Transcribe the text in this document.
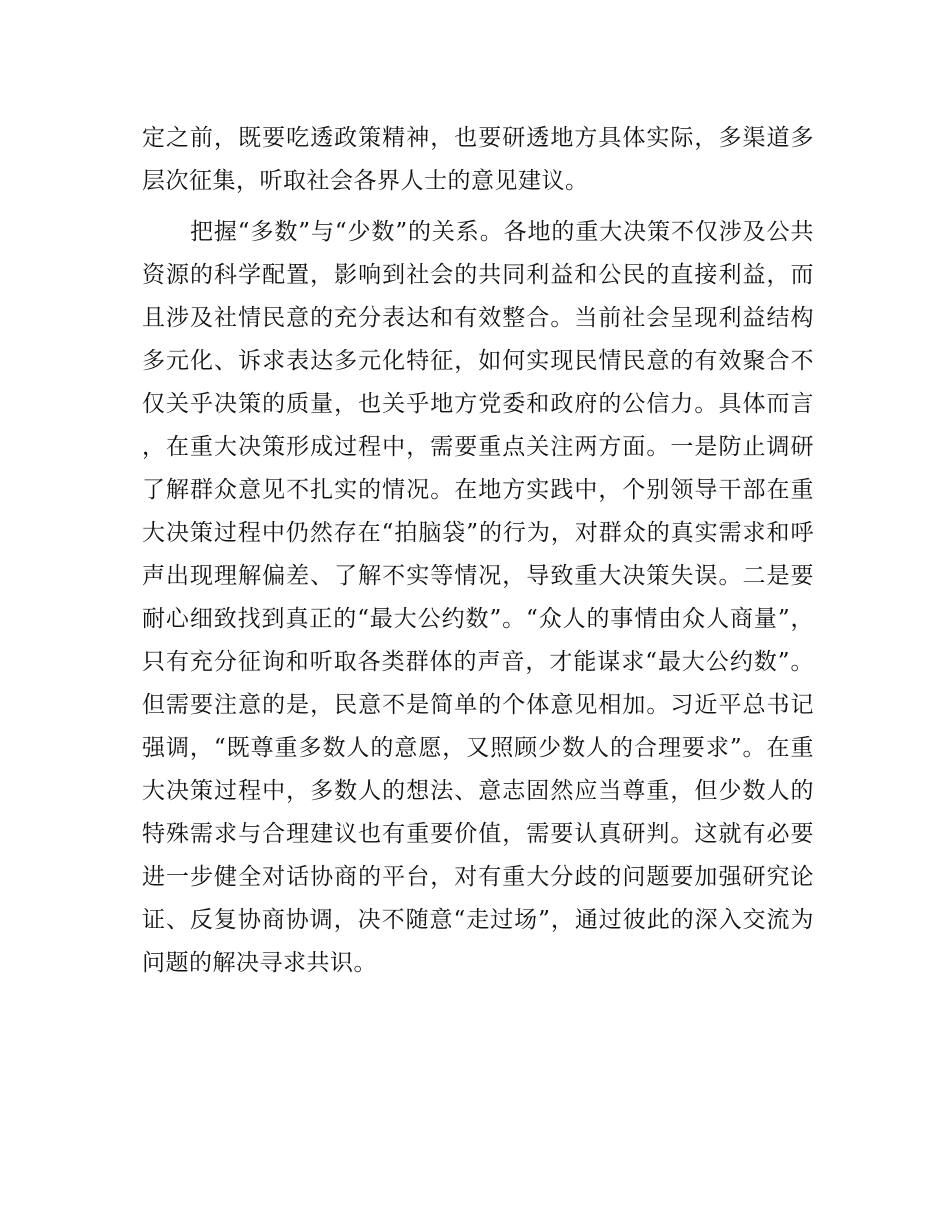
定之前，既要吃透政策精神，也要研透地方具体实际，多渠道多层次征集，听取社会各界人士的意见建议。

把握“多数”与“少数”的关系。各地的重大决策不仅涉及公共资源的科学配置，影响到社会的共同利益和公民的直接利益，而且涉及社情民意的充分表达和有效整合。当前社会呈现利益结构多元化、诉求表达多元化特征，如何实现民情民意的有效聚合不仅关乎决策的质量，也关乎地方党委和政府的公信力。具体而言，在重大决策形成过程中，需要重点关注两方面。一是防止调研了解群众意见不扎实的情况。在地方实践中，个别领导干部在重大决策过程中仍然存在“拍脑袋”的行为，对群众的真实需求和呼声出现理解偏差、了解不实等情况，导致重大决策失误。二是要耐心细致找到真正的“最大公约数”。“众人的事情由众人商量”，只有充分征询和听取各类群体的声音，才能谋求“最大公约数”。但需要注意的是，民意不是简单的个体意见相加。习近平总书记强调，“既尊重多数人的意愿，又照顾少数人的合理要求”。在重大决策过程中，多数人的想法、意志固然应当尊重，但少数人的特殊需求与合理建议也有重要价值，需要认真研判。这就有必要进一步健全对话协商的平台，对有重大分歧的问题要加强研究论证、反复协商协调，决不随意“走过场”，通过彼此的深入交流为问题的解决寻求共识。
